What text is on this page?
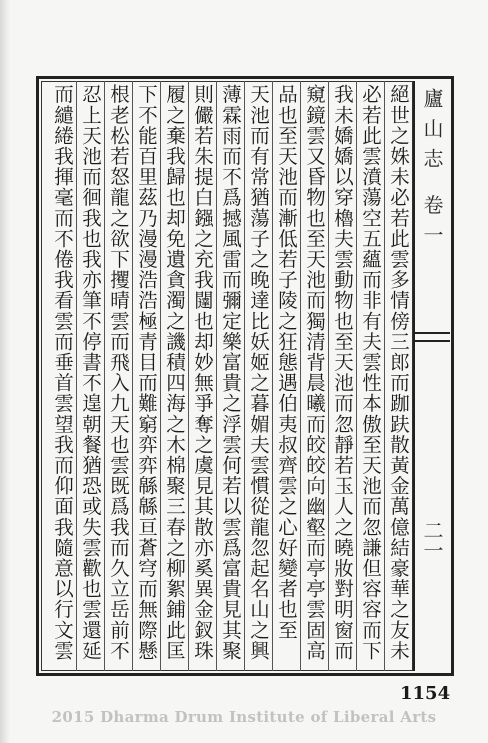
廬山志 卷一
二一
絕世之姝未必若此雲多情傍三郎而跏趺散黃金萬億結豪華之友未
必若此雲濆蕩空五蘊而非有夫雲性本傲至天池而忽謙但容容而下
我未嬌嬌以穿櫓夫雲動物也至天池而忽靜若玉人之曉妝對明窗而
窺鏡雲又昏物也至天池而獨清背晨曦而皎皎向幽壑而亭亭雲固高
品也至天池而漸低若子陵之狂態遇伯夷叔齊雲之心好變者也至
天池而有常猶蕩子之晚達比妖姬之暮媚夫雲慣從龍忽起名山之興
薄霖雨而不爲撼風雷而彌定樂富貴之浮雲何若以雲爲富貴見其聚
則儼若朱提白鏹之充我闥也却妙無爭奪之虞見其散亦奚異金釵珠
履之棄我歸也却免遺貪濁之譏積四海之木棉聚三春之柳絮鋪此匡
下不能百里茲乃漫漫浩浩極青目而難窮弈弈緜緜亘蒼穹而無際懸
根老松若怒龍之欲下攫晴雲而飛入九天也雲既爲我而久立岳前不
忍上天池而徊我也我亦筆不停書不遑朝餐猶恐或失雲歡也雲還延
而繾綣我揮毫而不倦我看雲而垂首雲望我而仰面我隨意以行文雲
1154
2015 Dharma Drum Institute of Liberal Arts
